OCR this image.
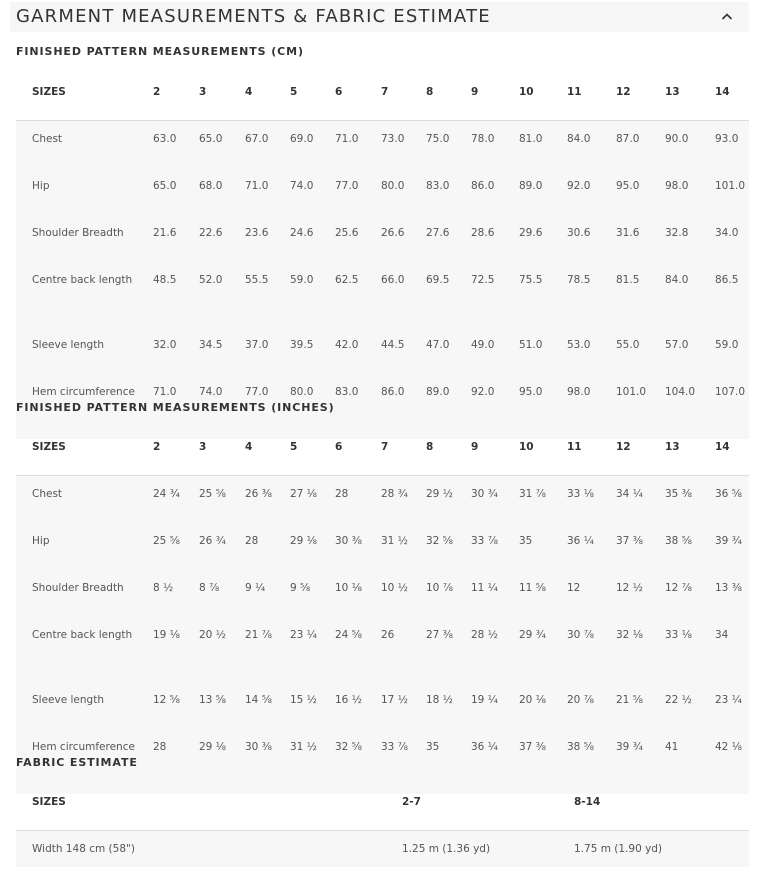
GARMENT MEASUREMENTS & FABRIC ESTIMATE
FINISHED PATTERN MEASUREMENTS (CM)
SIZES	2	3	4	5	6	7	8	9	10	11	12	13	14
Chest	63.0	65.0	67.0	69.0	71.0	73.0	75.0	78.0	81.0	84.0	87.0	90.0	93.0
Hip	65.0	68.0	71.0	74.0	77.0	80.0	83.0	86.0	89.0	92.0	95.0	98.0	101.0
Shoulder Breadth	21.6	22.6	23.6	24.6	25.6	26.6	27.6	28.6	29.6	30.6	31.6	32.8	34.0
Centre back length	48.5	52.0	55.5	59.0	62.5	66.0	69.5	72.5	75.5	78.5	81.5	84.0	86.5
Sleeve length	32.0	34.5	37.0	39.5	42.0	44.5	47.0	49.0	51.0	53.0	55.0	57.0	59.0
Hem circumference	71.0	74.0	77.0	80.0	83.0	86.0	89.0	92.0	95.0	98.0	101.0	104.0	107.0
FINISHED PATTERN MEASUREMENTS (INCHES)
SIZES	2	3	4	5	6	7	8	9	10	11	12	13	14
Chest	24 ¾	25 ⅝	26 ⅜	27 ⅛	28	28 ¾	29 ½	30 ¾	31 ⅞	33 ⅛	34 ¼	35 ⅜	36 ⅝
Hip	25 ⅝	26 ¾	28	29 ⅛	30 ⅜	31 ½	32 ⅝	33 ⅞	35	36 ¼	37 ⅜	38 ⅝	39 ¾
Shoulder Breadth	8 ½	8 ⅞	9 ¼	9 ⅝	10 ⅛	10 ½	10 ⅞	11 ¼	11 ⅝	12	12 ½	12 ⅞	13 ⅜
Centre back length	19 ⅛	20 ½	21 ⅞	23 ¼	24 ⅝	26	27 ⅜	28 ½	29 ¾	30 ⅞	32 ⅛	33 ⅛	34
Sleeve length	12 ⅝	13 ⅝	14 ⅝	15 ½	16 ½	17 ½	18 ½	19 ¼	20 ⅛	20 ⅞	21 ⅝	22 ½	23 ¼
Hem circumference	28	29 ⅛	30 ⅜	31 ½	32 ⅝	33 ⅞	35	36 ¼	37 ⅜	38 ⅝	39 ¾	41	42 ⅛
FABRIC ESTIMATE
SIZES	2-7	8-14
Width 148 cm (58")	1.25 m (1.36 yd)	1.75 m (1.90 yd)
